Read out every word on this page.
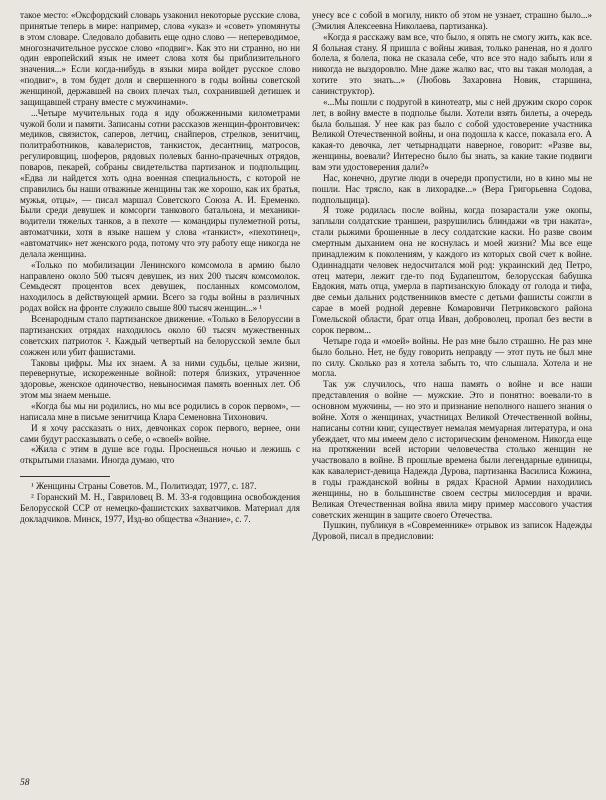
такое место: «Оксфордский словарь узаконил некоторые русские слова, принятые теперь в мире: например, слова «указ» и «совет» упомянуты в этом словаре. Следовало добавить еще одно слово — непереводимое, многозначительное русское слово «подвиг». Как это ни странно, но ни один европейский язык не имеет слова хотя бы приблизительного значения...» Если когда-нибудь в языки мира войдет русское слово «подвиг», в том будет доля и свершенного в годы войны советской женщиной, державшей на своих плечах тыл, сохранившей детишек и защищавшей страну вместе с мужчинами».

...Четыре мучительных года я иду обожженными километрами чужой боли и памяти. Записаны сотни рассказов женщин-фронтовичек: медиков, связисток, саперов, летчиц, снайперов, стрелков, зенитчиц, политработников, кавалеристов, танкисток, десантниц, матросов, регулировщиц, шоферов, рядовых полевых банно-прачечных отрядов, поваров, пекарей, собраны свидетельства партизанок и подпольщиц. «Едва ли найдется хоть одна военная специальность, с которой не справились бы наши отважные женщины так же хорошо, как их братья, мужья, отцы», — писал маршал Советского Союза А. И. Еременко. Были среди девушек и комсорги танкового батальона, и механики-водители тяжелых танков, а в пехоте — командиры пулеметной роты, автоматчики, хотя в языке нашем у слова «танкист», «пехотинец», «автоматчик» нет женского рода, потому что эту работу еще никогда не делала женщина.

«Только по мобилизации Ленинского комсомола в армию было направлено около 500 тысяч девушек, из них 200 тысяч комсомолок. Семьдесят процентов всех девушек, посланных комсомолом, находилось в действующей армии. Всего за годы войны в различных родах войск на фронте служило свыше 800 тысяч женщин...» ¹

Всенародным стало партизанское движение. «Только в Белоруссии в партизанских отрядах находилось около 60 тысяч мужественных советских патриоток ². Каждый четвертый на белорусской земле был сожжен или убит фашистами.

Таковы цифры. Мы их знаем. А за ними судьбы, целые жизни, перевернутые, искореженные войной: потеря близких, утраченное здоровье, женское одиночество, невыносимая память военных лет. Об этом мы знаем меньше.

«Когда бы мы ни родились, но мы все родились в сорок первом», — написала мне в письме зенитчица Клара Семеновна Тихонович.

И я хочу рассказать о них, девчонках сорок первого, вернее, они сами будут рассказывать о себе, о «своей» войне.

«Жила с этим в душе все годы. Проснешься ночью и лежишь с открытыми глазами. Иногда думаю, что

¹ Женщины Страны Советов. М., Политиздат, 1977, с. 187.

² Горанский М. Н., Гавриловец В. М. 33-я годовщина освобождения Белорусской ССР от немецко-фашистских захватчиков. Материал для докладчиков. Минск, 1977, Изд-во общества «Знание», с. 7.

унесу все с собой в могилу, никто об этом не узнает, страшно было...» (Эмилия Алексеевна Николаева, партизанка).

«Когда я расскажу вам все, что было, я опять не смогу жить, как все. Я больная стану. Я пришла с войны живая, только раненая, но я долго болела, я болела, пока не сказала себе, что все это надо забыть или я никогда не выздоровлю. Мне даже жалко вас, что вы такая молодая, а хотите это знать...» (Любовь Захаровна Новик, старшина, санинструктор).

«...Мы пошли с подругой в кинотеатр, мы с ней дружим скоро сорок лет, в войну вместе в подполье были. Хотели взять билеты, а очередь была большая. У нее как раз было с собой удостоверение участника Великой Отечественной войны, и она подошла к кассе, показала его. А какая-то девочка, лет четырнадцати наверное, говорит: «Разве вы, женщины, воевали? Интересно было бы знать, за какие такие подвиги вам эти удостоверения дали?»

Нас, конечно, другие люди в очереди пропустили, но в кино мы не пошли. Нас трясло, как в лихорадке...» (Вера Григорьевна Содова, подпольщица).

Я тоже родилась после войны, когда позарастали уже окопы, заплыли солдатские траншеи, разрушились блиндажи «в три наката», стали рыжими брошенные в лесу солдатские каски. Но разве своим смертным дыханием она не коснулась и моей жизни? Мы все еще принадлежим к поколениям, у каждого из которых свой счет к войне. Одиннадцати человек недосчитался мой род: украинский дед Петро, отец матери, лежит где-то под Будапештом, белорусская бабушка Евдокия, мать отца, умерла в партизанскую блокаду от голода и тифа, две семьи дальних родственников вместе с детьми фашисты сожгли в сарае в моей родной деревне Комаровичи Петриковского района Гомельской области, брат отца Иван, доброволец, пропал без вести в сорок первом...

Четыре года и «моей» войны. Не раз мне было страшно. Не раз мне было больно. Нет, не буду говорить неправду — этот путь не был мне по силу. Сколько раз я хотела забыть то, что слышала. Хотела и не могла.

Так уж случилось, что наша память о войне и все наши представления о войне — мужские. Это и понятно: воевали-то в основном мужчины, — но это и признание неполного нашего знания о войне. Хотя о женщинах, участницах Великой Отечественной войны, написаны сотни книг, существует немалая мемуарная литература, и она убеждает, что мы имеем дело с историческим феноменом. Никогда еще на протяжении всей истории человечества столько женщин не участвовало в войне. В прошлые времена были легендарные единицы, как кавалерист-девица Надежда Дурова, партизанка Василиса Кожина, в годы гражданской войны в рядах Красной Армии находились женщины, но в большинстве своем сестры милосердия и врачи. Великая Отечественная война явила миру пример массового участия советских женщин в защите своего Отечества.

Пушкин, публикуя в «Современнике» отрывок из записок Надежды Дуровой, писал в предисловии:

58
